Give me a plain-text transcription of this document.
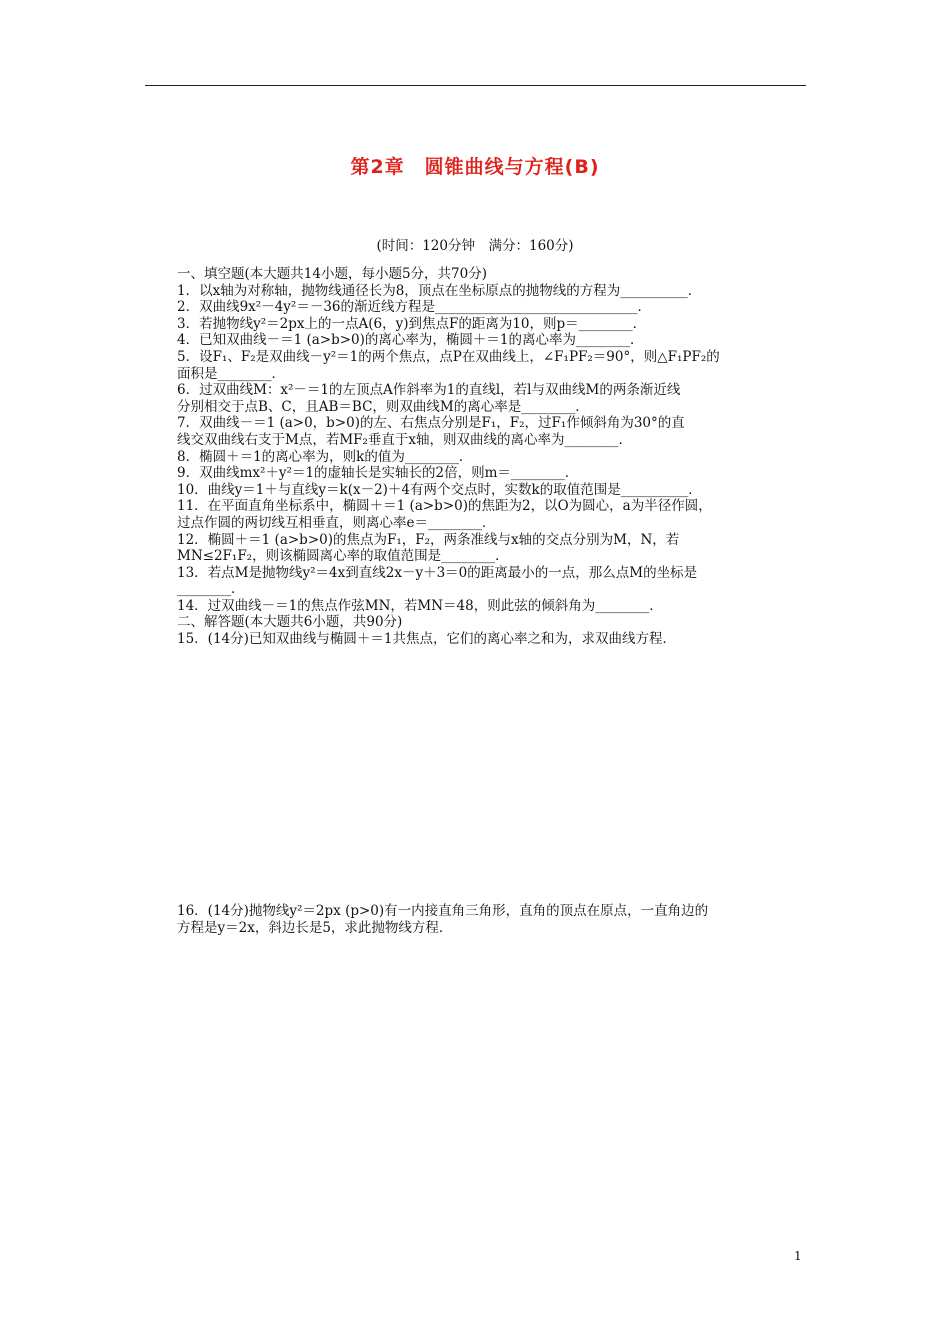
第2章　圆锥曲线与方程(B)
(时间：120分钟　满分：160分)
一、填空题(本大题共14小题，每小题5分，共70分)
1．以x轴为对称轴，抛物线通径长为8，顶点在坐标原点的抛物线的方程为__________．
2．双曲线9x²－4y²＝－36的渐近线方程是______________________________．
3．若抛物线y²＝2px上的一点A(6，y)到焦点F的距离为10，则p＝________．
4．已知双曲线－＝1 (a>b>0)的离心率为，椭圆＋＝1的离心率为________．
5．设F₁、F₂是双曲线－y²＝1的两个焦点，点P在双曲线上，∠F₁PF₂＝90°，则△F₁PF₂的
面积是________．
6．过双曲线M：x²－＝1的左顶点A作斜率为1的直线l，若l与双曲线M的两条渐近线
分别相交于点B、C，且AB＝BC，则双曲线M的离心率是________．
7．双曲线－＝1 (a>0，b>0)的左、右焦点分别是F₁，F₂，过F₁作倾斜角为30°的直
线交双曲线右支于M点，若MF₂垂直于x轴，则双曲线的离心率为________．
8．椭圆＋＝1的离心率为，则k的值为________．
9．双曲线mx²＋y²＝1的虚轴长是实轴长的2倍，则m＝________．
10．曲线y＝1＋与直线y＝k(x－2)＋4有两个交点时，实数k的取值范围是__________．
11．在平面直角坐标系中，椭圆＋＝1 (a>b>0)的焦距为2，以O为圆心，a为半径作圆，
过点作圆的两切线互相垂直，则离心率e＝________．
12．椭圆＋＝1 (a>b>0)的焦点为F₁，F₂，两条准线与x轴的交点分别为M，N，若
MN≤2F₁F₂，则该椭圆离心率的取值范围是________．
13．若点M是抛物线y²＝4x到直线2x－y＋3＝0的距离最小的一点，那么点M的坐标是
________．
14．过双曲线－＝1的焦点作弦MN，若MN＝48，则此弦的倾斜角为________．
二、解答题(本大题共6小题，共90分)
15．(14分)已知双曲线与椭圆＋＝1共焦点，它们的离心率之和为，求双曲线方程．
16．(14分)抛物线y²＝2px (p>0)有一内接直角三角形，直角的顶点在原点，一直角边的
方程是y＝2x，斜边长是5，求此抛物线方程．
1
